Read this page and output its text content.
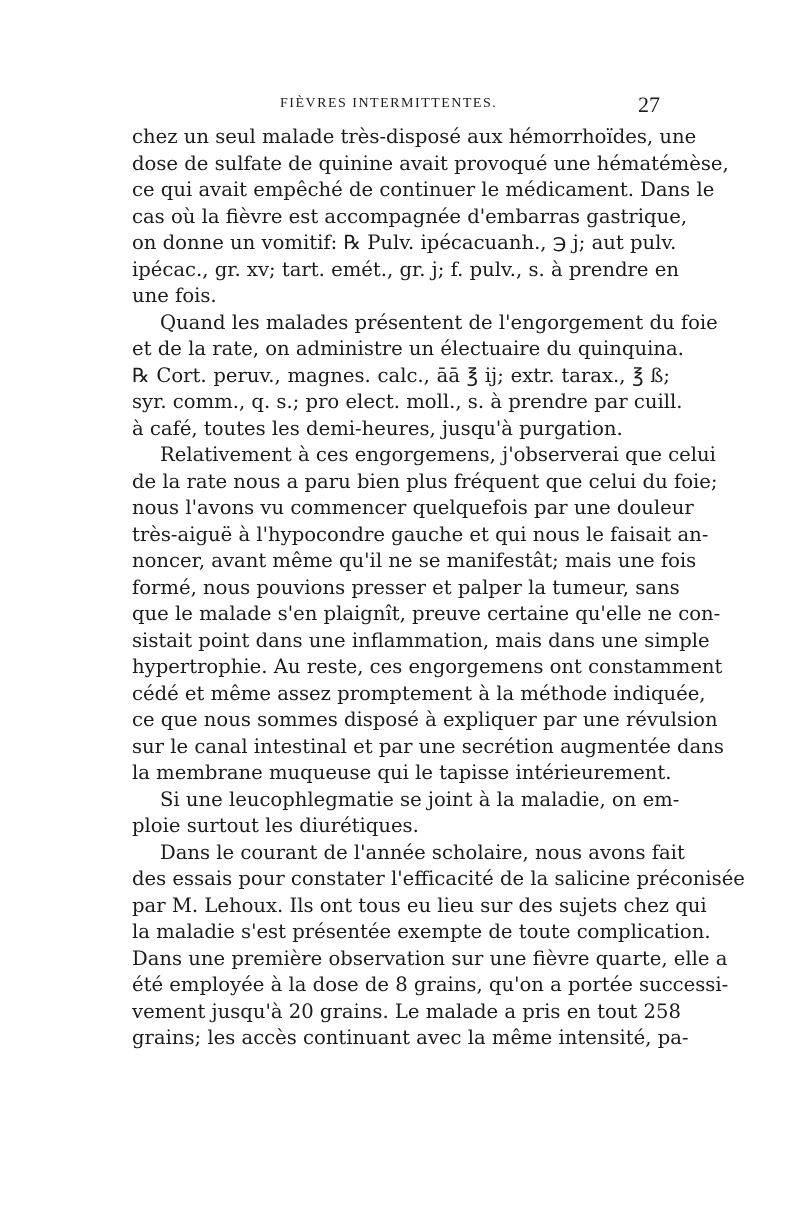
FIÈVRES INTERMITTENTES.	27
chez un seul malade très-disposé aux hémorrhoïdes, une
dose de sulfate de quinine avait provoqué une hématémèse,
ce qui avait empêché de continuer le médicament. Dans le
cas où la fièvre est accompagnée d'embarras gastrique,
on donne un vomitif: ℞ Pulv. ipécacuanh., ℈ j; aut pulv.
ipécac., gr. xv; tart. emét., gr. j; f. pulv., s. à prendre en
une fois.
Quand les malades présentent de l'engorgement du foie
et de la rate, on administre un électuaire du quinquina.
℞ Cort. peruv., magnes. calc., āā ℥ ij; extr. tarax., ℥ ß;
syr. comm., q. s.; pro elect. moll., s. à prendre par cuill.
à café, toutes les demi-heures, jusqu'à purgation.
Relativement à ces engorgemens, j'observerai que celui
de la rate nous a paru bien plus fréquent que celui du foie;
nous l'avons vu commencer quelquefois par une douleur
très-aiguë à l'hypocondre gauche et qui nous le faisait an-
noncer, avant même qu'il ne se manifestât; mais une fois
formé, nous pouvions presser et palper la tumeur, sans
que le malade s'en plaignît, preuve certaine qu'elle ne con-
sistait point dans une inflammation, mais dans une simple
hypertrophie. Au reste, ces engorgemens ont constamment
cédé et même assez promptement à la méthode indiquée,
ce que nous sommes disposé à expliquer par une révulsion
sur le canal intestinal et par une secrétion augmentée dans
la membrane muqueuse qui le tapisse intérieurement.
Si une leucophlegmatie se joint à la maladie, on em-
ploie surtout les diurétiques.
Dans le courant de l'année scholaire, nous avons fait
des essais pour constater l'efficacité de la salicine préconisée
par M. Lehoux. Ils ont tous eu lieu sur des sujets chez qui
la maladie s'est présentée exempte de toute complication.
Dans une première observation sur une fièvre quarte, elle a
été employée à la dose de 8 grains, qu'on a portée successi-
vement jusqu'à 20 grains. Le malade a pris en tout 258
grains; les accès continuant avec la même intensité, pa-
